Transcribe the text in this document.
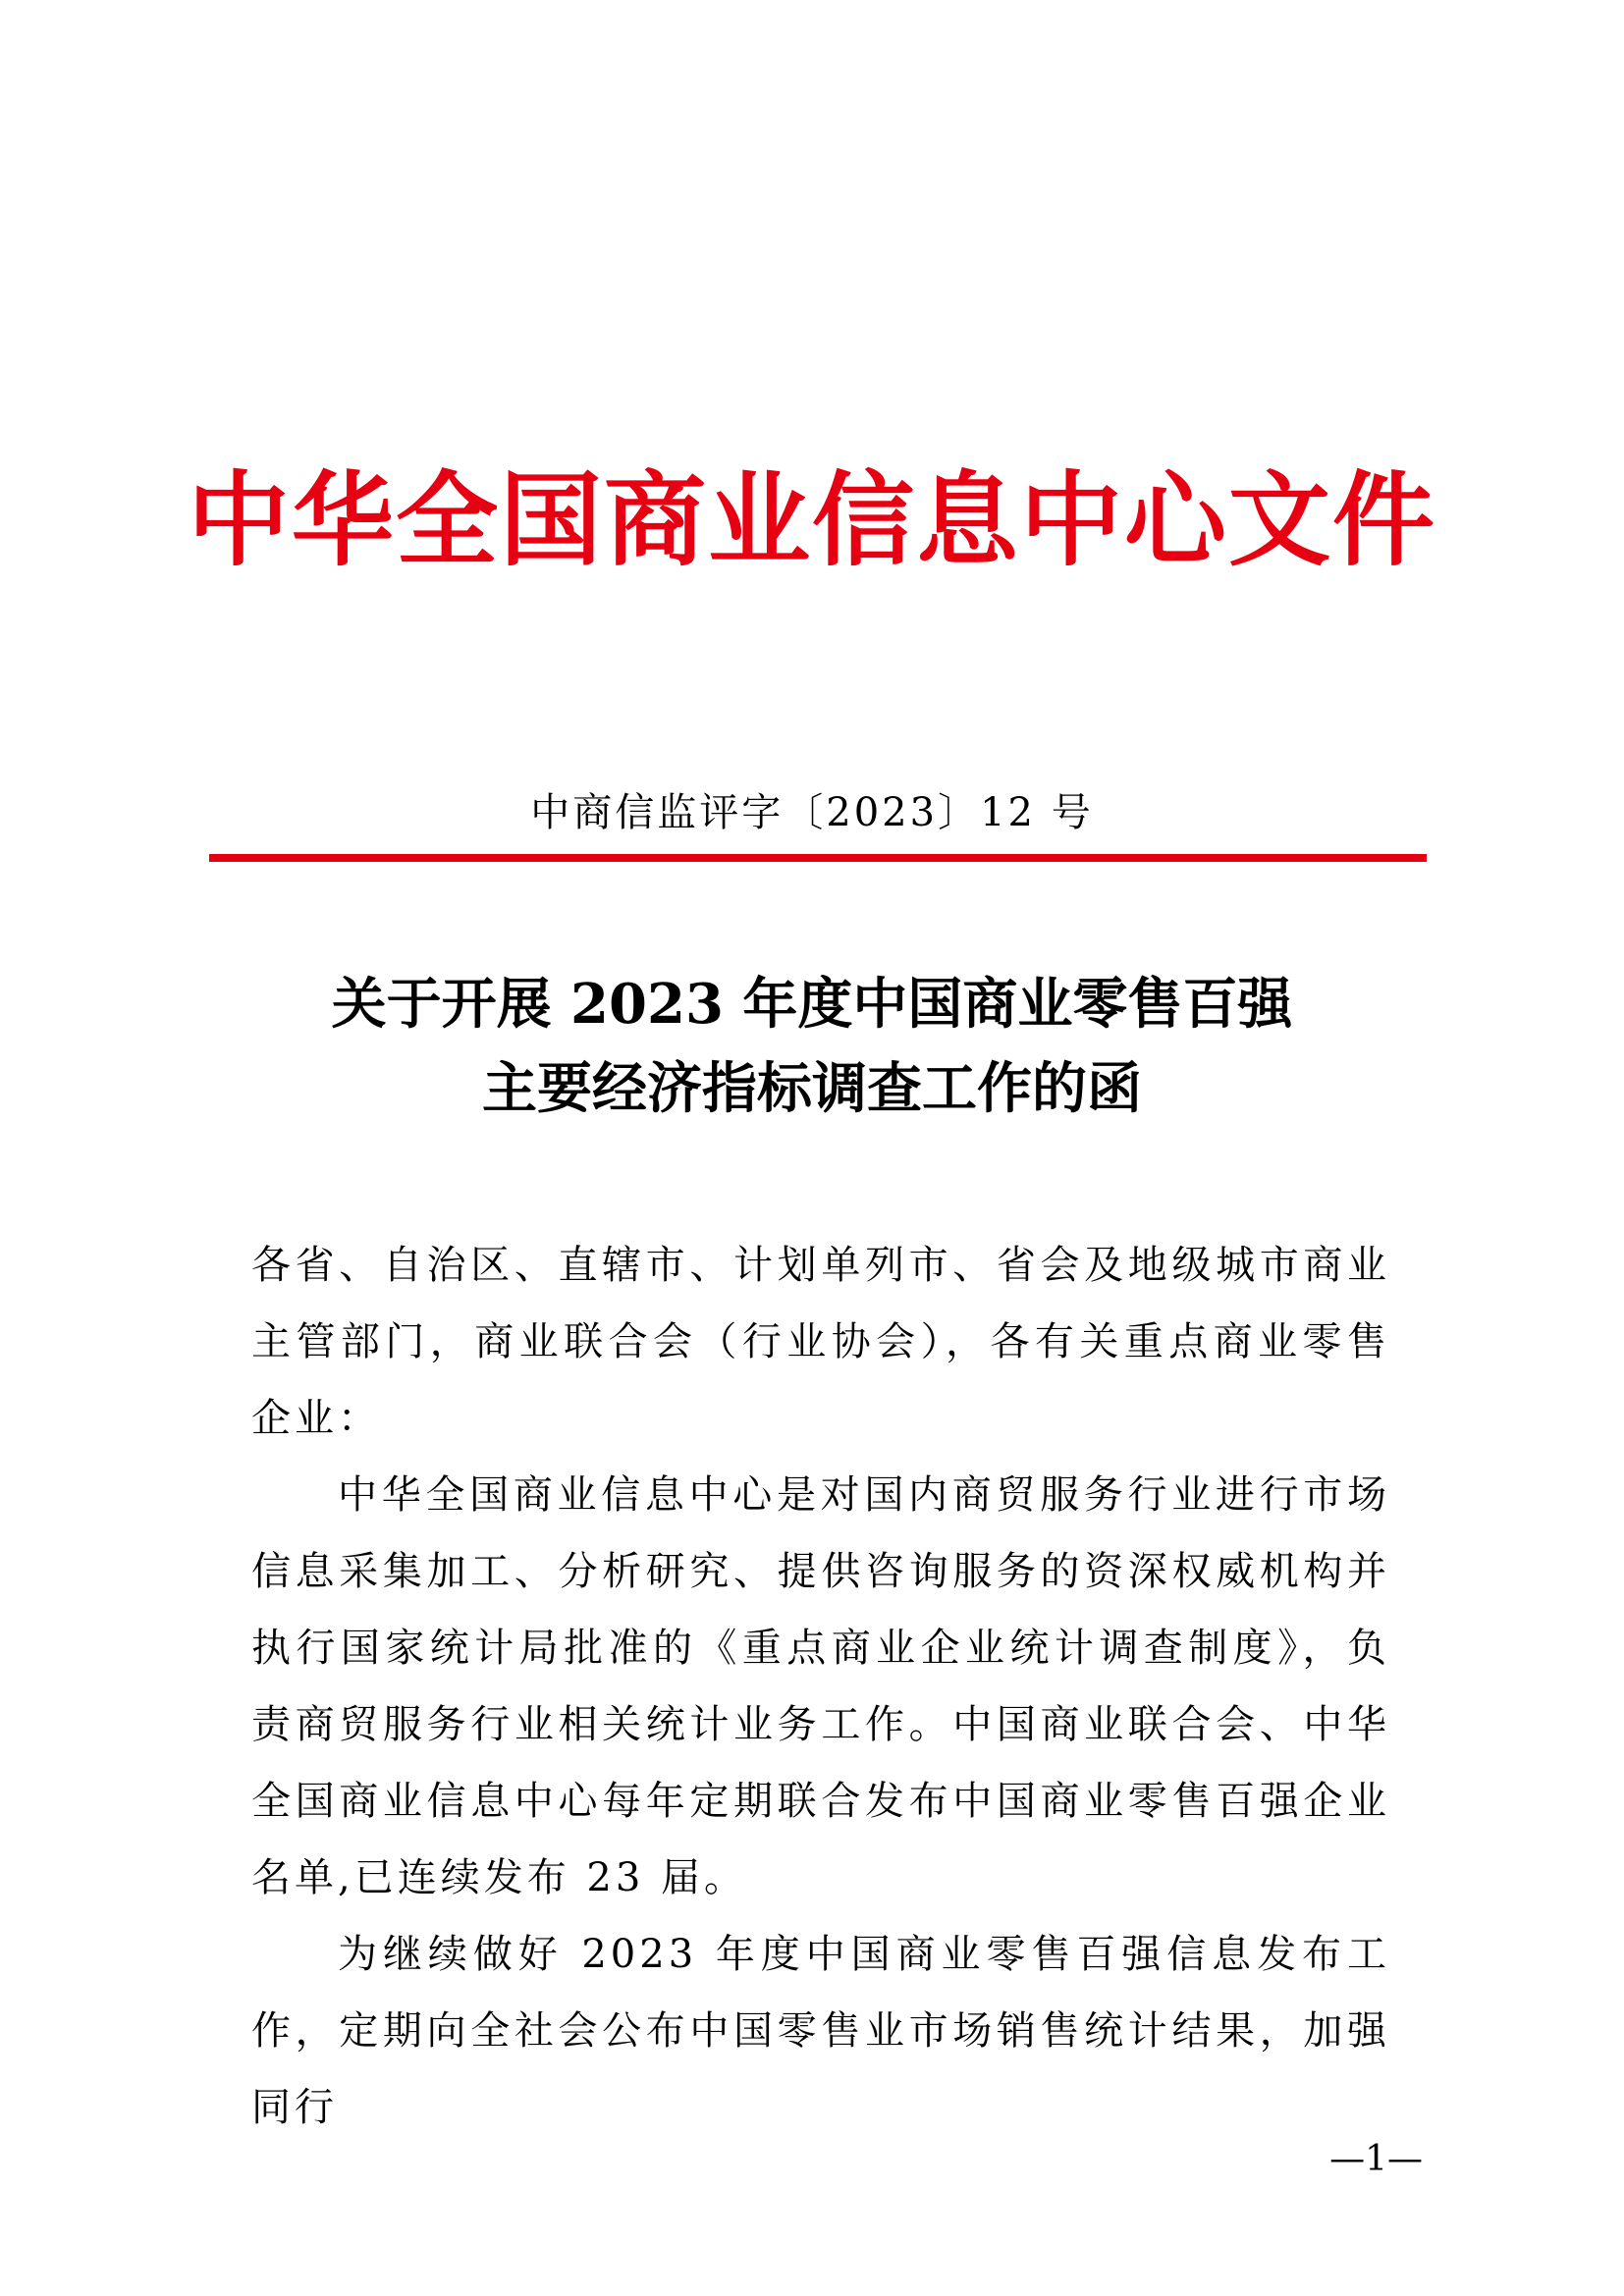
中华全国商业信息中心文件
中商信监评字〔2023〕12 号
关于开展 2023 年度中国商业零售百强
主要经济指标调查工作的函

各省、自治区、直辖市、计划单列市、省会及地级城市商业主管部门，商业联合会（行业协会），各有关重点商业零售企业：

中华全国商业信息中心是对国内商贸服务行业进行市场信息采集加工、分析研究、提供咨询服务的资深权威机构并执行国家统计局批准的《重点商业企业统计调查制度》，负责商贸服务行业相关统计业务工作。中国商业联合会、中华全国商业信息中心每年定期联合发布中国商业零售百强企业名单,已连续发布 23 届。

为继续做好 2023 年度中国商业零售百强信息发布工作，定期向全社会公布中国零售业市场销售统计结果，加强同行

—1—
